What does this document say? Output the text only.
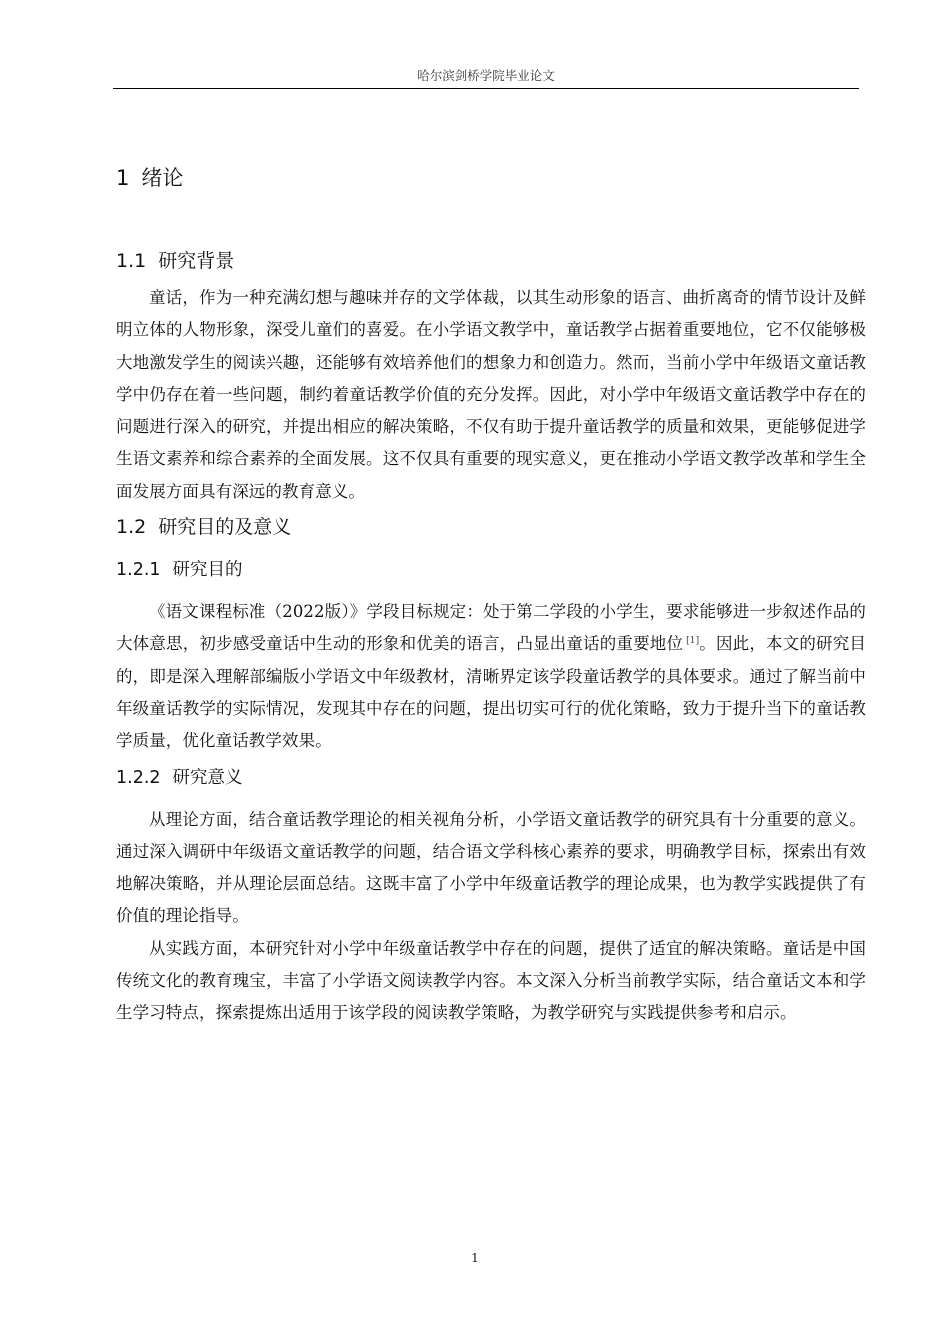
哈尔滨剑桥学院毕业论文
1 绪论
1.1 研究背景

童话，作为一种充满幻想与趣味并存的文学体裁，以其生动形象的语言、曲折离奇的情节设计及鲜明立体的人物形象，深受儿童们的喜爱。在小学语文教学中，童话教学占据着重要地位，它不仅能够极大地激发学生的阅读兴趣，还能够有效培养他们的想象力和创造力。然而，当前小学中年级语文童话教学中仍存在着一些问题，制约着童话教学价值的充分发挥。因此，对小学中年级语文童话教学中存在的问题进行深入的研究，并提出相应的解决策略，不仅有助于提升童话教学的质量和效果，更能够促进学生语文素养和综合素养的全面发展。这不仅具有重要的现实意义，更在推动小学语文教学改革和学生全面发展方面具有深远的教育意义。

1.2 研究目的及意义
1.2.1 研究目的

《语文课程标准（2022版）》学段目标规定：处于第二学段的小学生，要求能够进一步叙述作品的大体意思，初步感受童话中生动的形象和优美的语言，凸显出童话的重要地位 [1]。因此，本文的研究目的，即是深入理解部编版小学语文中年级教材，清晰界定该学段童话教学的具体要求。通过了解当前中年级童话教学的实际情况，发现其中存在的问题，提出切实可行的优化策略，致力于提升当下的童话教学质量，优化童话教学效果。

1.2.2 研究意义

从理论方面，结合童话教学理论的相关视角分析，小学语文童话教学的研究具有十分重要的意义。通过深入调研中年级语文童话教学的问题，结合语文学科核心素养的要求，明确教学目标，探索出有效地解决策略，并从理论层面总结。这既丰富了小学中年级童话教学的理论成果，也为教学实践提供了有价值的理论指导。

从实践方面，本研究针对小学中年级童话教学中存在的问题，提供了适宜的解决策略。童话是中国传统文化的教育瑰宝，丰富了小学语文阅读教学内容。本文深入分析当前教学实际，结合童话文本和学生学习特点，探索提炼出适用于该学段的阅读教学策略，为教学研究与实践提供参考和启示。

1
